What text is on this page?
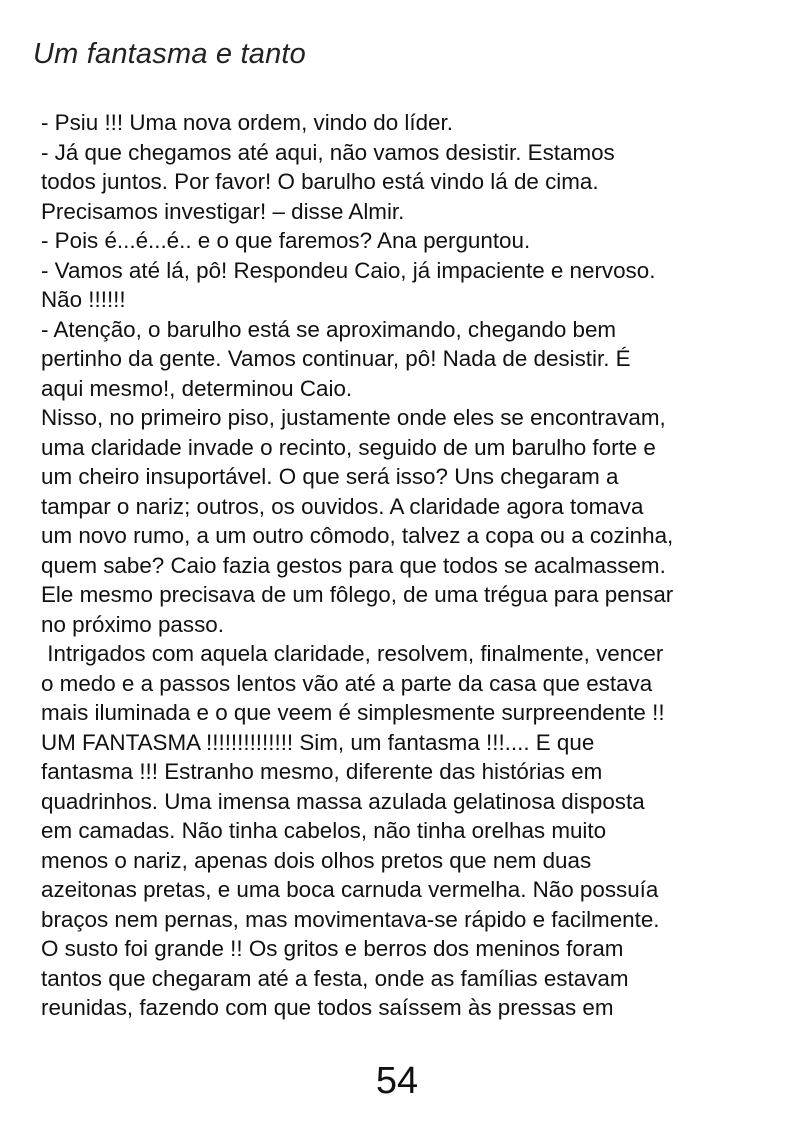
Um fantasma e tanto
- Psiu !!! Uma nova ordem, vindo do líder.
- Já que chegamos até aqui, não vamos desistir. Estamos
todos juntos. Por favor! O barulho está vindo lá de cima.
Precisamos investigar! – disse Almir.
- Pois é...é...é.. e o que faremos? Ana perguntou.
- Vamos até lá, pô! Respondeu Caio, já impaciente e nervoso.
Não !!!!!!
- Atenção, o barulho está se aproximando, chegando bem
pertinho da gente. Vamos continuar, pô! Nada de desistir. É
aqui mesmo!, determinou Caio.
Nisso, no primeiro piso, justamente onde eles se encontravam,
uma claridade invade o recinto, seguido de um barulho forte e
um cheiro insuportável. O que será isso? Uns chegaram a
tampar o nariz; outros, os ouvidos. A claridade agora tomava
um novo rumo, a um outro cômodo, talvez a copa ou a cozinha,
quem sabe? Caio fazia gestos para que todos se acalmassem.
Ele mesmo precisava de um fôlego, de uma trégua para pensar
no próximo passo.
Intrigados com aquela claridade, resolvem, finalmente, vencer
o medo e a passos lentos vão até a parte da casa que estava
mais iluminada e o que veem é simplesmente surpreendente !!
UM FANTASMA !!!!!!!!!!!!!! Sim, um fantasma !!!.... E que
fantasma !!! Estranho mesmo, diferente das histórias em
quadrinhos. Uma imensa massa azulada gelatinosa disposta
em camadas. Não tinha cabelos, não tinha orelhas muito
menos o nariz, apenas dois olhos pretos que nem duas
azeitonas pretas, e uma boca carnuda vermelha. Não possuía
braços nem pernas, mas movimentava-se rápido e facilmente.
O susto foi grande !! Os gritos e berros dos meninos foram
tantos que chegaram até a festa, onde as famílias estavam
reunidas, fazendo com que todos saíssem às pressas em
54
